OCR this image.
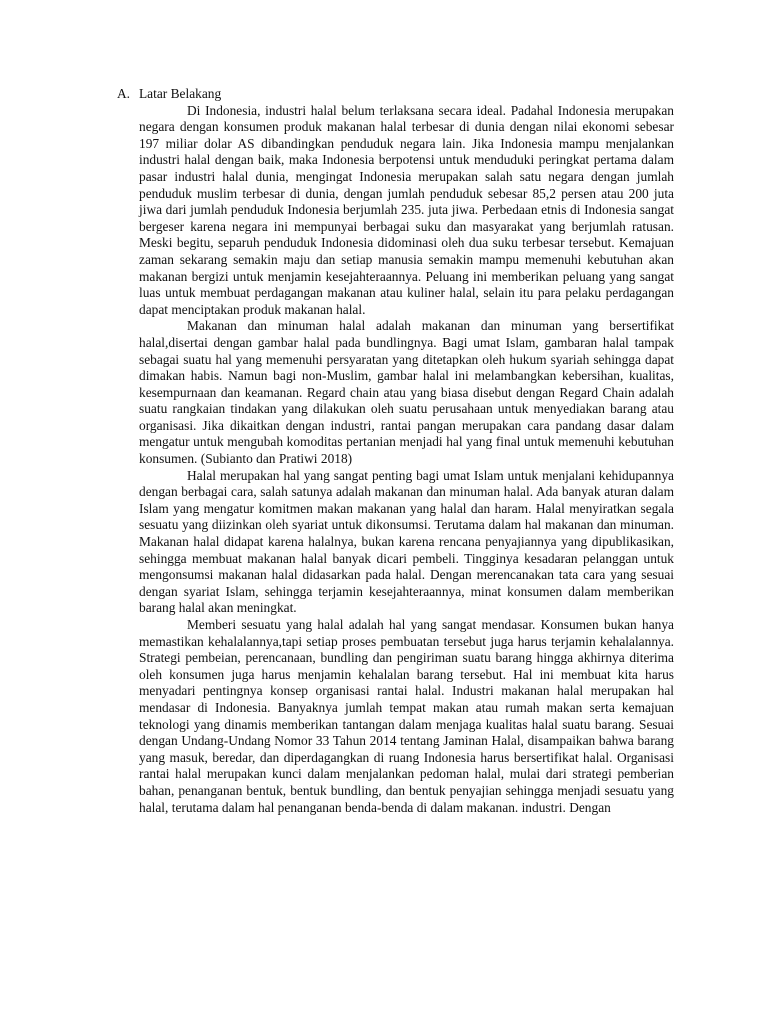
A. Latar Belakang

Di Indonesia, industri halal belum terlaksana secara ideal. Padahal Indonesia merupakan negara dengan konsumen produk makanan halal terbesar di dunia dengan nilai ekonomi sebesar 197 miliar dolar AS dibandingkan penduduk negara lain. Jika Indonesia mampu menjalankan industri halal dengan baik, maka Indonesia berpotensi untuk menduduki peringkat pertama dalam pasar industri halal dunia, mengingat Indonesia merupakan salah satu negara dengan jumlah penduduk muslim terbesar di dunia, dengan jumlah penduduk sebesar 85,2 persen atau 200 juta jiwa dari jumlah penduduk Indonesia berjumlah 235. juta jiwa. Perbedaan etnis di Indonesia sangat bergeser karena negara ini mempunyai berbagai suku dan masyarakat yang berjumlah ratusan. Meski begitu, separuh penduduk Indonesia didominasi oleh dua suku terbesar tersebut. Kemajuan zaman sekarang semakin maju dan setiap manusia semakin mampu memenuhi kebutuhan akan makanan bergizi untuk menjamin kesejahteraannya. Peluang ini memberikan peluang yang sangat luas untuk membuat perdagangan makanan atau kuliner halal, selain itu para pelaku perdagangan dapat menciptakan produk makanan halal.

Makanan dan minuman halal adalah makanan dan minuman yang bersertifikat halal,disertai dengan gambar halal pada bundlingnya. Bagi umat Islam, gambaran halal tampak sebagai suatu hal yang memenuhi persyaratan yang ditetapkan oleh hukum syariah sehingga dapat dimakan habis. Namun bagi non-Muslim, gambar halal ini melambangkan kebersihan, kualitas, kesempurnaan dan keamanan. Regard chain atau yang biasa disebut dengan Regard Chain adalah suatu rangkaian tindakan yang dilakukan oleh suatu perusahaan untuk menyediakan barang atau organisasi. Jika dikaitkan dengan industri, rantai pangan merupakan cara pandang dasar dalam mengatur untuk mengubah komoditas pertanian menjadi hal yang final untuk memenuhi kebutuhan konsumen. (Subianto dan Pratiwi 2018)

Halal merupakan hal yang sangat penting bagi umat Islam untuk menjalani kehidupannya dengan berbagai cara, salah satunya adalah makanan dan minuman halal. Ada banyak aturan dalam Islam yang mengatur komitmen makan makanan yang halal dan haram. Halal menyiratkan segala sesuatu yang diizinkan oleh syariat untuk dikonsumsi. Terutama dalam hal makanan dan minuman. Makanan halal didapat karena halalnya, bukan karena rencana penyajiannya yang dipublikasikan, sehingga membuat makanan halal banyak dicari pembeli. Tingginya kesadaran pelanggan untuk mengonsumsi makanan halal didasarkan pada halal. Dengan merencanakan tata cara yang sesuai dengan syariat Islam, sehingga terjamin kesejahteraannya, minat konsumen dalam memberikan barang halal akan meningkat.

Memberi sesuatu yang halal adalah hal yang sangat mendasar. Konsumen bukan hanya memastikan kehalalannya,tapi setiap proses pembuatan tersebut juga harus terjamin kehalalannya. Strategi pembeian, perencanaan, bundling dan pengiriman suatu barang hingga akhirnya diterima oleh konsumen juga harus menjamin kehalalan barang tersebut. Hal ini membuat kita harus menyadari pentingnya konsep organisasi rantai halal. Industri makanan halal merupakan hal mendasar di Indonesia. Banyaknya jumlah tempat makan atau rumah makan serta kemajuan teknologi yang dinamis memberikan tantangan dalam menjaga kualitas halal suatu barang. Sesuai dengan Undang-Undang Nomor 33 Tahun 2014 tentang Jaminan Halal, disampaikan bahwa barang yang masuk, beredar, dan diperdagangkan di ruang Indonesia harus bersertifikat halal. Organisasi rantai halal merupakan kunci dalam menjalankan pedoman halal, mulai dari strategi pemberian bahan, penanganan bentuk, bentuk bundling, dan bentuk penyajian sehingga menjadi sesuatu yang halal, terutama dalam hal penanganan benda-benda di dalam makanan. industri. Dengan
